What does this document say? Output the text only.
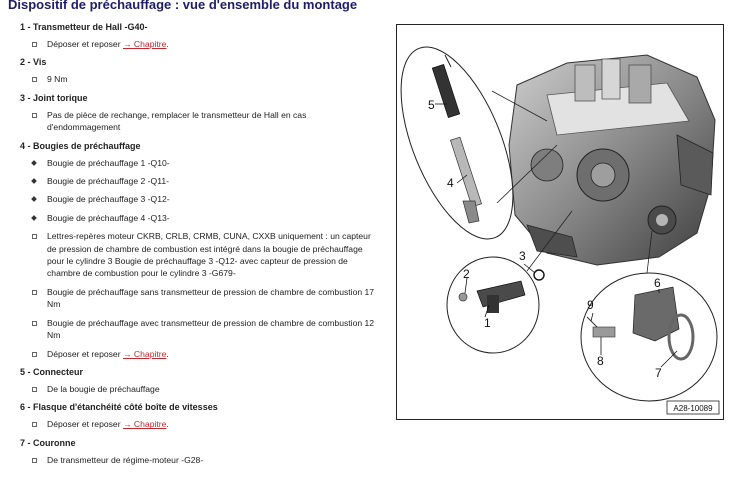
Dispositif de préchauffage : vue d'ensemble du montage
1 - Transmetteur de Hall -G40-
Déposer et reposer → Chapitre.
2 - Vis
9 Nm
3 - Joint torique
Pas de pièce de rechange, remplacer le transmetteur de Hall en cas d'endommagement
4 - Bougies de préchauffage
Bougie de préchauffage 1 -Q10-
Bougie de préchauffage 2 -Q11-
Bougie de préchauffage 3 -Q12-
Bougie de préchauffage 4 -Q13-
Lettres-repères moteur CKRB, CRLB, CRMB, CUNA, CXXB uniquement : un capteur de pression de chambre de combustion est intégré dans la bougie de préchauffage pour le cylindre 3 Bougie de préchauffage 3 -Q12- avec capteur de pression de chambre de combustion pour le cylindre 3 -G679-
Bougie de préchauffage sans transmetteur de pression de chambre de combustion 17 Nm
Bougie de préchauffage avec transmetteur de pression de chambre de combustion 12 Nm
Déposer et reposer → Chapitre.
5 - Connecteur
De la bougie de préchauffage
6 - Flasque d'étanchéité côté boîte de vitesses
Déposer et reposer → Chapitre.
7 - Couronne
De transmetteur de régime-moteur -G28-
5
4
1
2
3
6
7
8
9
A28-10089
